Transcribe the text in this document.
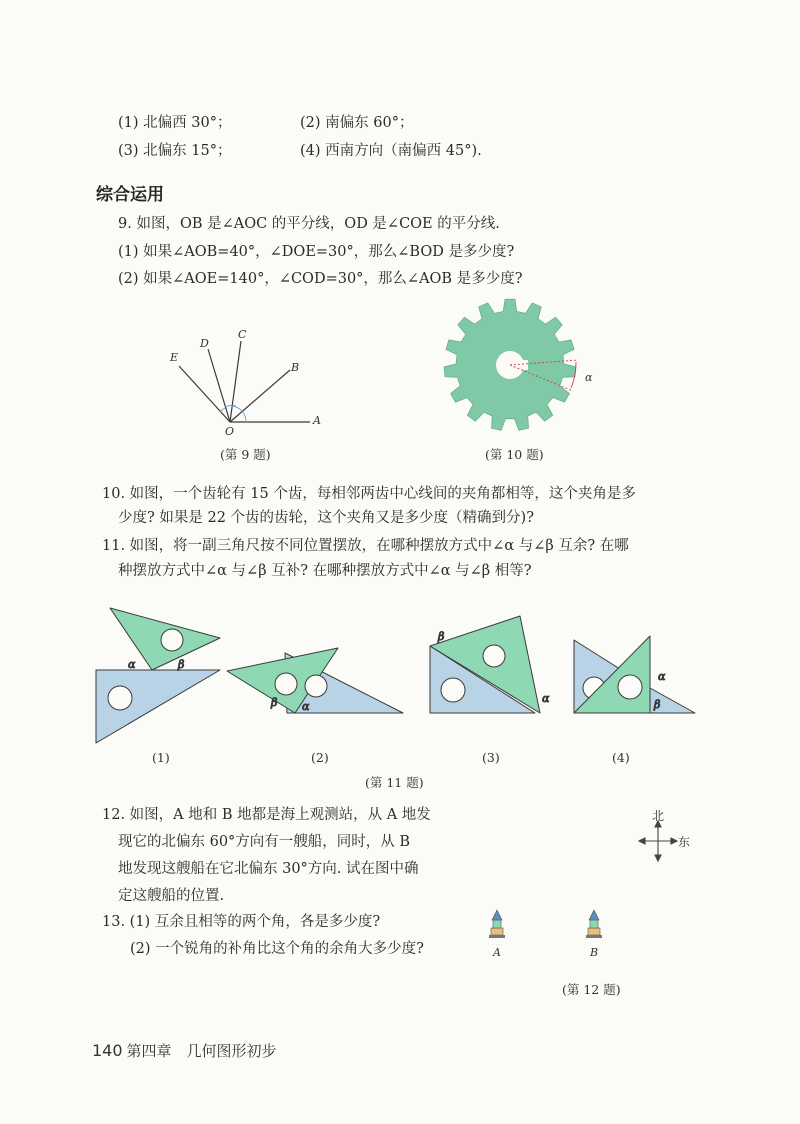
(1) 北偏西 30°；	(2) 南偏东 60°；
(3) 北偏东 15°；	(4) 西南方向（南偏西 45°).
综合运用
9. 如图，OB 是∠AOC 的平分线，OD 是∠COE 的平分线.
(1) 如果∠AOB=40°，∠DOE=30°，那么∠BOD 是多少度?
(2) 如果∠AOE=140°，∠COD=30°，那么∠AOB 是多少度?
E
D
C
B
A
O
(第 9 题)
α
(第 10 题)
10. 如图，一个齿轮有 15 个齿，每相邻两齿中心线间的夹角都相等，这个夹角是多
少度? 如果是 22 个齿的齿轮，这个夹角又是多少度（精确到分)?
11. 如图，将一副三角尺按不同位置摆放，在哪种摆放方式中∠α 与∠β 互余? 在哪
种摆放方式中∠α 与∠β 互补? 在哪种摆放方式中∠α 与∠β 相等?
α	β
β α
β
α
α
β
(1)	(2)	(3)	(4)
(第 11 题)
12. 如图，A 地和 B 地都是海上观测站，从 A 地发
现它的北偏东 60°方向有一艘船，同时，从 B
地发现这艘船在它北偏东 30°方向. 试在图中确
定这艘船的位置.
13. (1) 互余且相等的两个角，各是多少度?
(2) 一个锐角的补角比这个角的余角大多少度?
北
东
A	B
(第 12 题)
140 第四章　几何图形初步
